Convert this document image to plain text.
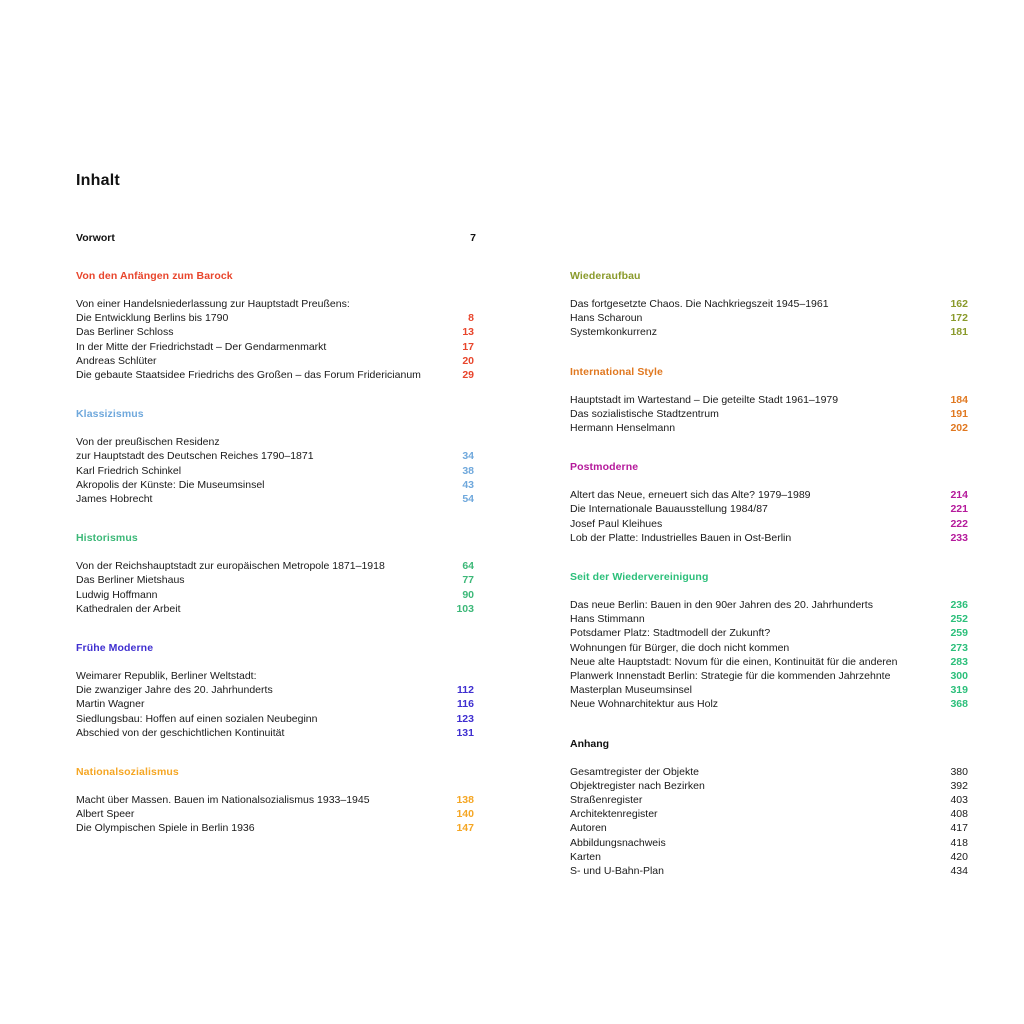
Inhalt
Vorwort	7
Von den Anfängen zum Barock
Von einer Handelsniederlassung zur Hauptstadt Preußens:
Die Entwicklung Berlins bis 1790	8
Das Berliner Schloss	13
In der Mitte der Friedrichstadt – Der Gendarmenmarkt	17
Andreas Schlüter	20
Die gebaute Staatsidee Friedrichs des Großen – das Forum Fridericianum	29
Klassizismus
Von der preußischen Residenz
zur Hauptstadt des Deutschen Reiches 1790–1871	34
Karl Friedrich Schinkel	38
Akropolis der Künste: Die Museumsinsel	43
James Hobrecht	54
Historismus
Von der Reichshauptstadt zur europäischen Metropole 1871–1918	64
Das Berliner Mietshaus	77
Ludwig Hoffmann	90
Kathedralen der Arbeit	103
Frühe Moderne
Weimarer Republik, Berliner Weltstadt:
Die zwanziger Jahre des 20. Jahrhunderts	112
Martin Wagner	116
Siedlungsbau: Hoffen auf einen sozialen Neubeginn	123
Abschied von der geschichtlichen Kontinuität	131
Nationalsozialismus
Macht über Massen. Bauen im Nationalsozialismus 1933–1945	138
Albert Speer	140
Die Olympischen Spiele in Berlin 1936	147
Wiederaufbau
Das fortgesetzte Chaos. Die Nachkriegszeit 1945–1961	162
Hans Scharoun	172
Systemkonkurrenz	181
International Style
Hauptstadt im Wartestand – Die geteilte Stadt 1961–1979	184
Das sozialistische Stadtzentrum	191
Hermann Henselmann	202
Postmoderne
Altert das Neue, erneuert sich das Alte? 1979–1989	214
Die Internationale Bauausstellung 1984/87	221
Josef Paul Kleihues	222
Lob der Platte: Industrielles Bauen in Ost-Berlin	233
Seit der Wiedervereinigung
Das neue Berlin: Bauen in den 90er Jahren des 20. Jahrhunderts	236
Hans Stimmann	252
Potsdamer Platz: Stadtmodell der Zukunft?	259
Wohnungen für Bürger, die doch nicht kommen	273
Neue alte Hauptstadt: Novum für die einen, Kontinuität für die anderen	283
Planwerk Innenstadt Berlin: Strategie für die kommenden Jahrzehnte	300
Masterplan Museumsinsel	319
Neue Wohnarchitektur aus Holz	368
Anhang
Gesamtregister der Objekte	380
Objektregister nach Bezirken	392
Straßenregister	403
Architektenregister	408
Autoren	417
Abbildungsnachweis	418
Karten	420
S- und U-Bahn-Plan	434
